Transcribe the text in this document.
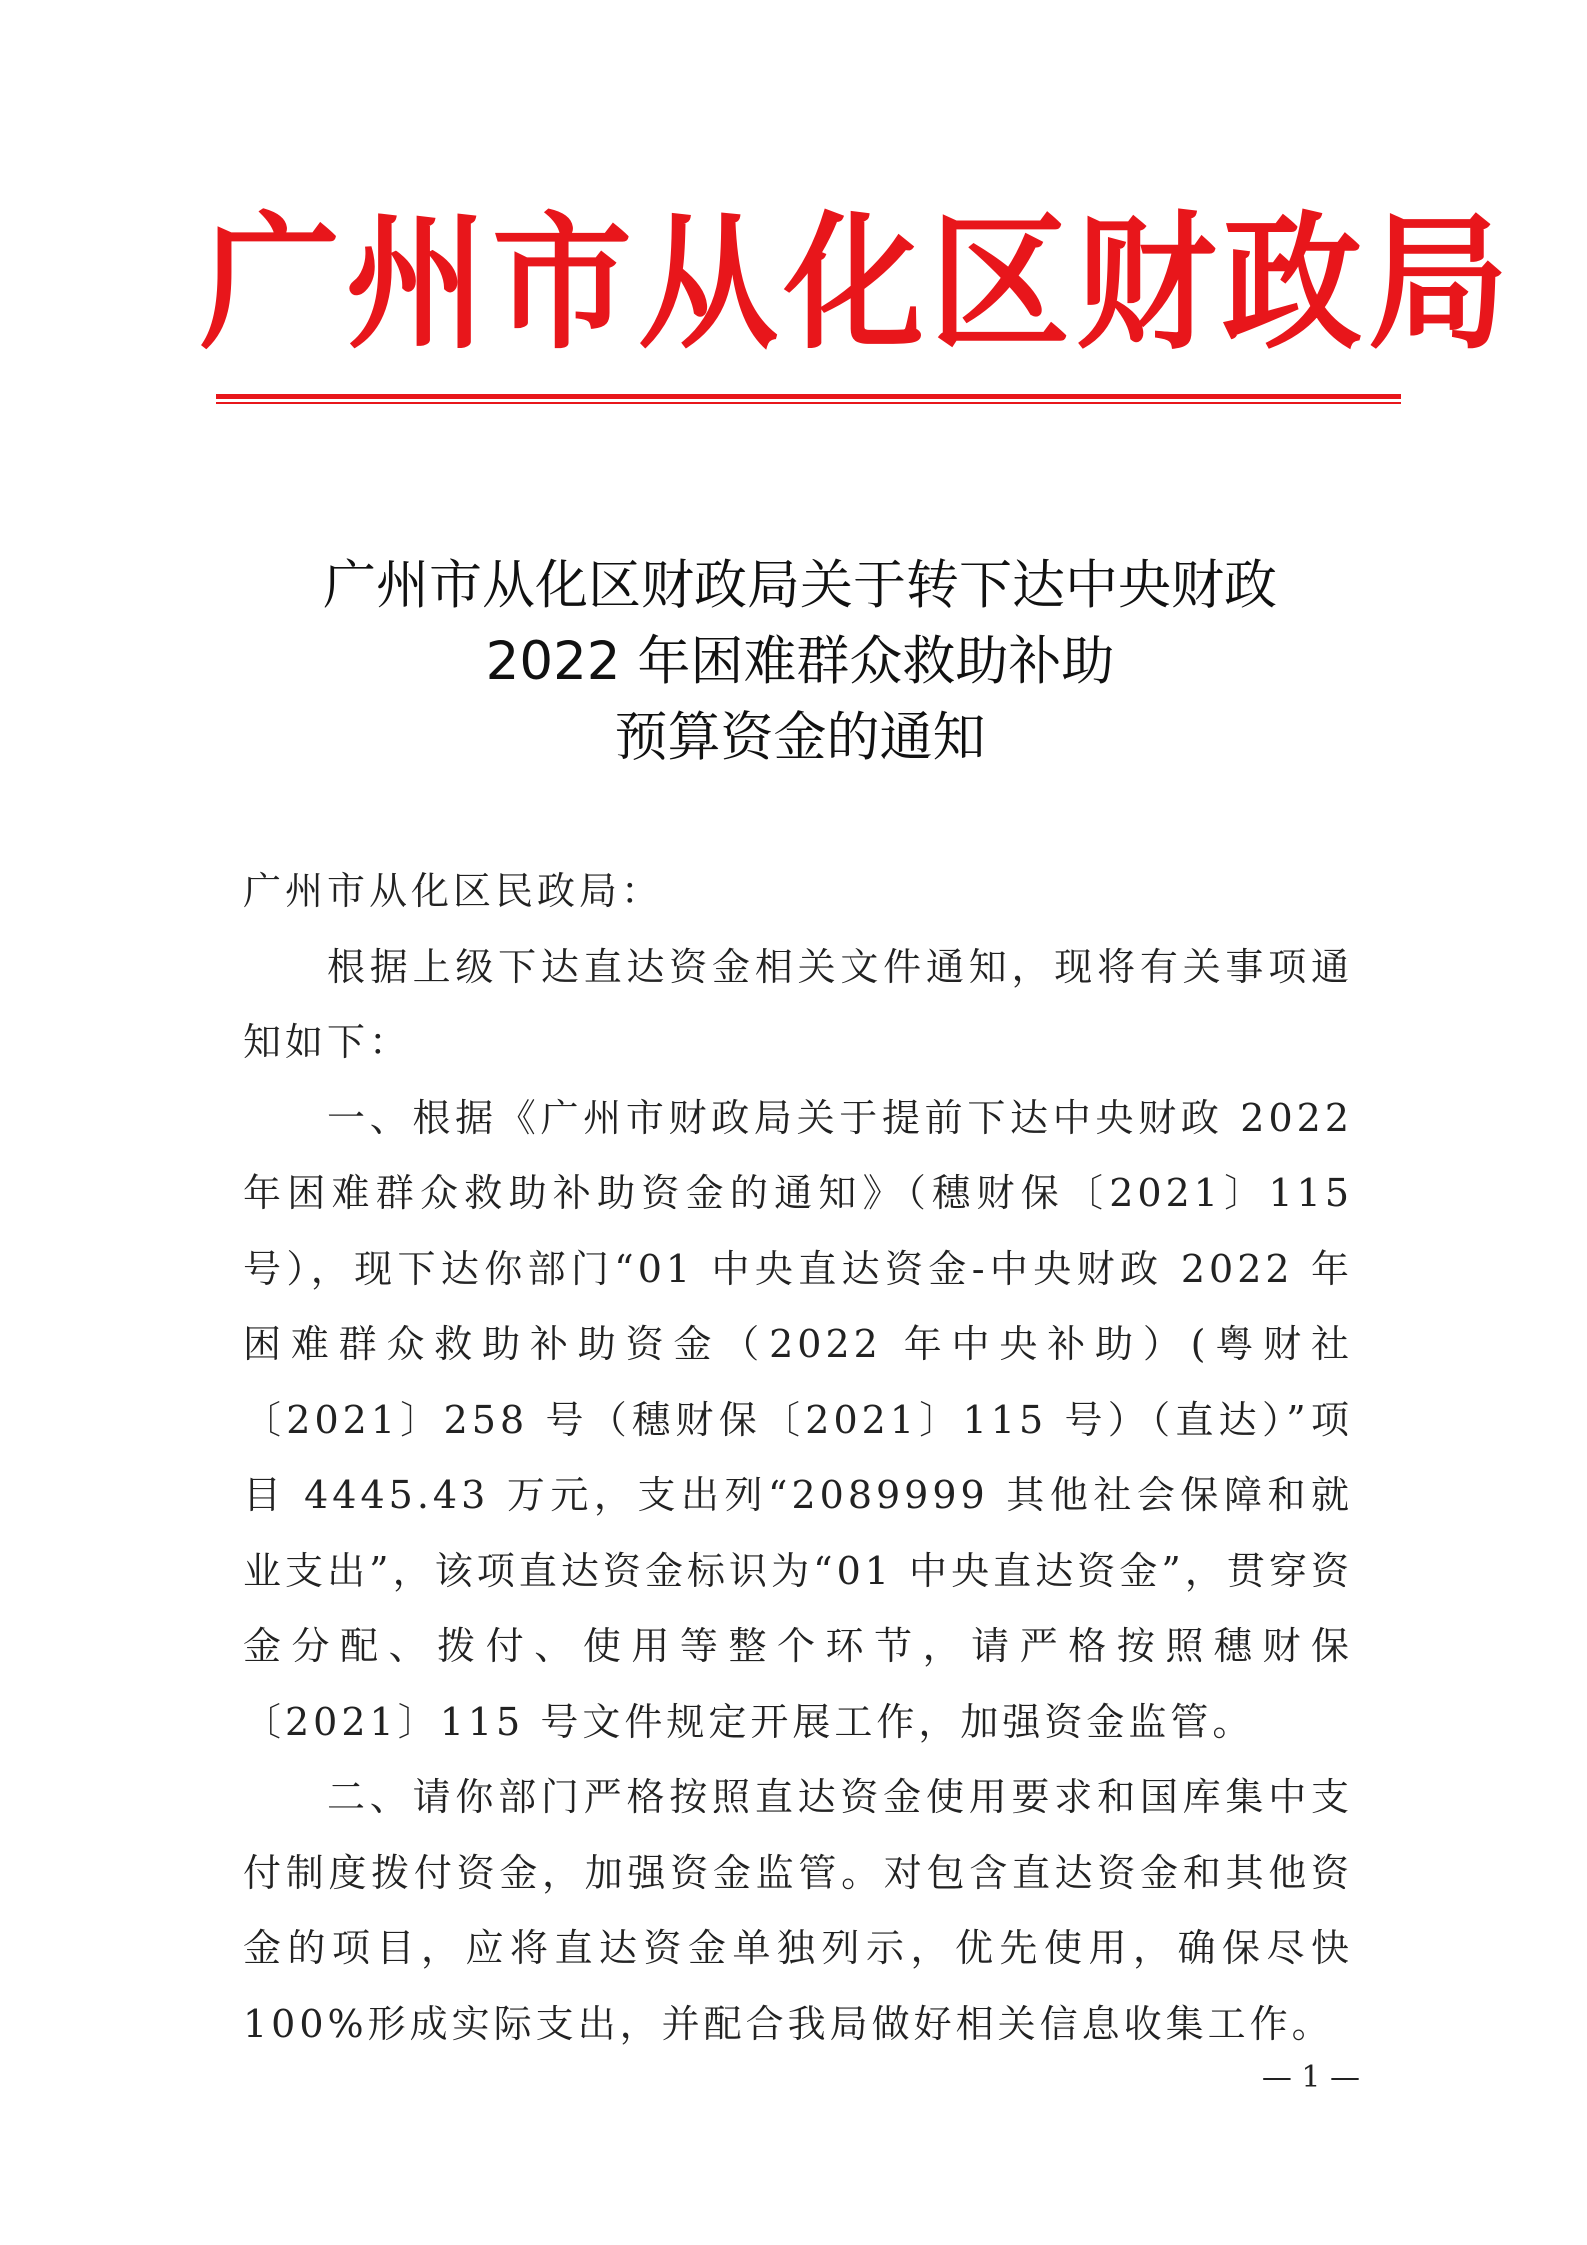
广州市从化区财政局
广州市从化区财政局关于转下达中央财政
2022 年困难群众救助补助
预算资金的通知

广州市从化区民政局：

根据上级下达直达资金相关文件通知，现将有关事项通知如下：

一、根据《广州市财政局关于提前下达中央财政 2022 年困难群众救助补助资金的通知》（穗财保〔2021〕115 号），现下达你部门“01 中央直达资金-中央财政 2022 年困难群众救助补助资金（2022 年中央补助）(粤财社〔2021〕258 号（穗财保〔2021〕115 号）（直达）”项目 4445.43 万元，支出列“2089999 其他社会保障和就业支出”，该项直达资金标识为“01 中央直达资金”，贯穿资金分配、拨付、使用等整个环节，请严格按照穗财保〔2021〕115 号文件规定开展工作，加强资金监管。

二、请你部门严格按照直达资金使用要求和国库集中支付制度拨付资金，加强资金监管。对包含直达资金和其他资金的项目，应将直达资金单独列示，优先使用，确保尽快 100%形成实际支出，并配合我局做好相关信息收集工作。

— 1 —
